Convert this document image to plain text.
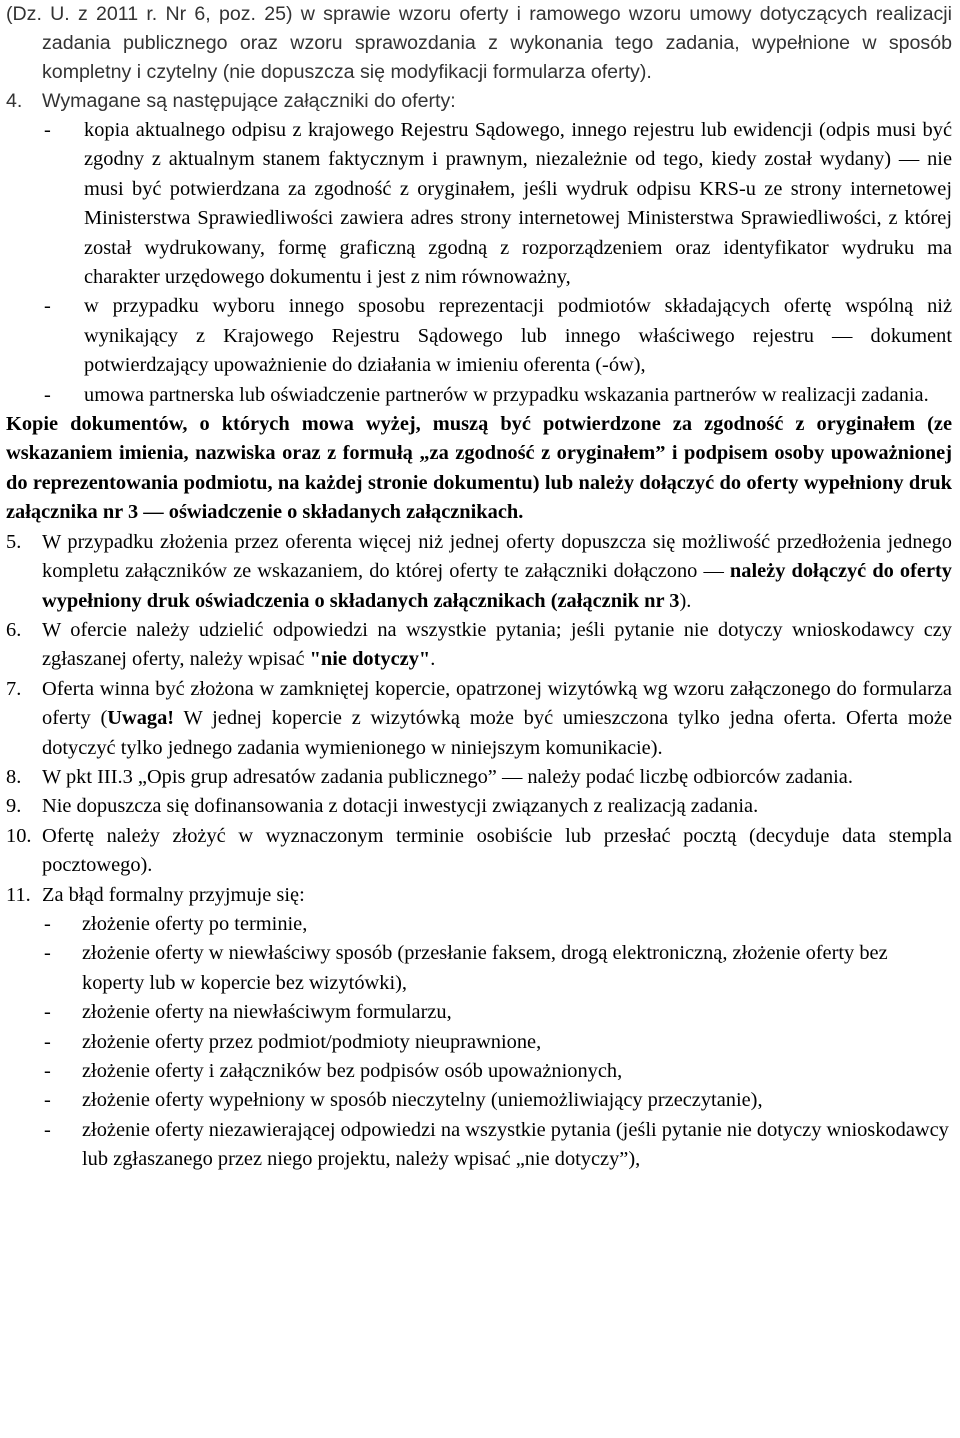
(Dz. U. z 2011 r. Nr 6, poz. 25) w sprawie wzoru oferty i ramowego wzoru umowy dotyczących realizacji zadania publicznego oraz wzoru sprawozdania z wykonania tego zadania, wypełnione w sposób kompletny i czytelny (nie dopuszcza się modyfikacji formularza oferty).

4.	Wymagane są następujące załączniki do oferty:
-	kopia aktualnego odpisu z krajowego Rejestru Sądowego, innego rejestru lub ewidencji (odpis musi być zgodny z aktualnym stanem faktycznym i prawnym, niezależnie od tego, kiedy został wydany) — nie musi być potwierdzana za zgodność z oryginałem, jeśli wydruk odpisu KRS-u ze strony internetowej Ministerstwa Sprawiedliwości zawiera adres strony internetowej Ministerstwa Sprawiedliwości, z której został wydrukowany, formę graficzną zgodną z rozporządzeniem oraz identyfikator wydruku ma charakter urzędowego dokumentu i jest z nim równoważny,
-	w przypadku wyboru innego sposobu reprezentacji podmiotów składających ofertę wspólną niż wynikający z Krajowego Rejestru Sądowego lub innego właściwego rejestru — dokument potwierdzający upoważnienie do działania w imieniu oferenta (-ów),
-	umowa partnerska lub oświadczenie partnerów w przypadku wskazania partnerów w realizacji zadania.

Kopie dokumentów, o których mowa wyżej, muszą być potwierdzone za zgodność z oryginałem (ze wskazaniem imienia, nazwiska oraz z formułą „za zgodność z oryginałem” i podpisem osoby upoważnionej do reprezentowania podmiotu, na każdej stronie dokumentu) lub należy dołączyć do oferty wypełniony druk załącznika nr 3 — oświadczenie o składanych załącznikach.

5.	W przypadku złożenia przez oferenta więcej niż jednej oferty dopuszcza się możliwość przedłożenia jednego kompletu załączników ze wskazaniem, do której oferty te załączniki dołączono — należy dołączyć do oferty wypełniony druk oświadczenia o składanych załącznikach (załącznik nr 3).
6.	W ofercie należy udzielić odpowiedzi na wszystkie pytania; jeśli pytanie nie dotyczy wnioskodawcy czy zgłaszanej oferty, należy wpisać "nie dotyczy".
7.	Oferta winna być złożona w zamkniętej kopercie, opatrzonej wizytówką wg wzoru załączonego do formularza oferty (Uwaga! W jednej kopercie z wizytówką może być umieszczona tylko jedna oferta. Oferta może dotyczyć tylko jednego zadania wymienionego w niniejszym komunikacie).
8.	W pkt III.3 „Opis grup adresatów zadania publicznego” — należy podać liczbę odbiorców zadania.
9.	Nie dopuszcza się dofinansowania z dotacji inwestycji związanych z realizacją zadania.
10. Ofertę należy złożyć w wyznaczonym terminie osobiście lub przesłać pocztą (decyduje data stempla pocztowego).
11. Za błąd formalny przyjmuje się:
-	złożenie oferty po terminie,
-	złożenie oferty w niewłaściwy sposób (przesłanie faksem, drogą elektroniczną, złożenie oferty bez koperty lub w kopercie bez wizytówki),
-	złożenie oferty na niewłaściwym formularzu,
-	złożenie oferty przez podmiot/podmioty nieuprawnione,
-	złożenie oferty i załączników bez podpisów osób upoważnionych,
-	złożenie oferty wypełniony w sposób nieczytelny (uniemożliwiający przeczytanie),
-	złożenie oferty niezawierającej odpowiedzi na wszystkie pytania (jeśli pytanie nie dotyczy wnioskodawcy lub zgłaszanego przez niego projektu, należy wpisać „nie dotyczy”),
